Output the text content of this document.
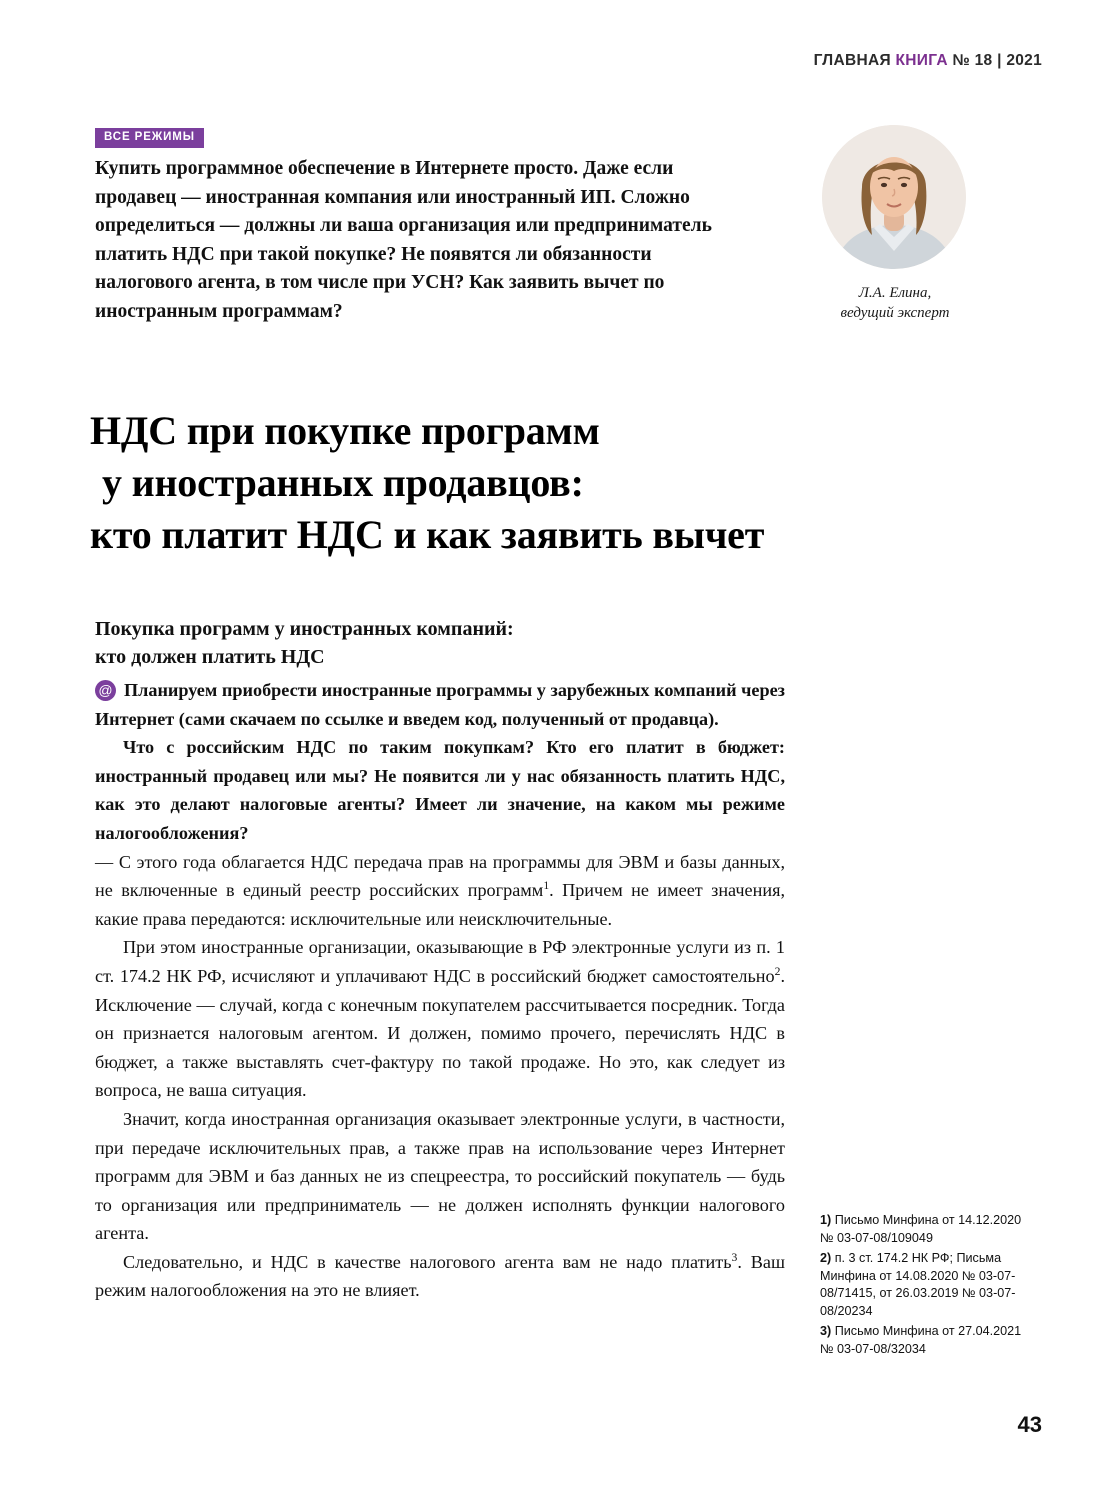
ГЛАВНАЯ КНИГА № 18 | 2021
ВСЕ РЕЖИМЫ
Купить программное обеспечение в Интернете просто. Даже если продавец — иностранная компания или иностранный ИП. Сложно определиться — должны ли ваша организация или предприниматель платить НДС при такой покупке? Не появятся ли обязанности налогового агента, в том числе при УСН? Как заявить вычет по иностранным программам?
Л.А. Елина,
ведущий эксперт
НДС при покупке программ
у иностранных продавцов:
кто платит НДС и как заявить вычет
Покупка программ у иностранных компаний:
кто должен платить НДС

@ Планируем приобрести иностранные программы у зарубежных компаний через Интернет (сами скачаем по ссылке и введем код, полученный от продавца).

Что с российским НДС по таким покупкам? Кто его платит в бюджет: иностранный продавец или мы? Не появится ли у нас обязанность платить НДС, как это делают налоговые агенты? Имеет ли значение, на каком мы режиме налогообложения?

— С этого года облагается НДС передача прав на программы для ЭВМ и базы данных, не включенные в единый реестр российских программ$^1$. Причем не имеет значения, какие права передаются: исключительные или неисключительные.

При этом иностранные организации, оказывающие в РФ электронные услуги из п. 1 ст. 174.2 НК РФ, исчисляют и уплачивают НДС в российский бюджет самостоятельно$^2$. Исключение — случай, когда с конечным покупателем рассчитывается посредник. Тогда он признается налоговым агентом. И должен, помимо прочего, перечислять НДС в бюджет, а также выставлять счет-фактуру по такой продаже. Но это, как следует из вопроса, не ваша ситуация.

Значит, когда иностранная организация оказывает электронные услуги, в частности, при передаче исключительных прав, а также прав на использование через Интернет программ для ЭВМ и баз данных не из спецреестра, то российский покупатель — будь то организация или предприниматель — не должен исполнять функции налогового агента.

Следовательно, и НДС в качестве налогового агента вам не надо платить$^3$. Ваш режим налогообложения на это не влияет.

1) Письмо Минфина от 14.12.2020 № 03-07-08/109049
2) п. 3 ст. 174.2 НК РФ; Письма Минфина от 14.08.2020 № 03-07-08/71415, от 26.03.2019 № 03-07-08/20234
3) Письмо Минфина от 27.04.2021 № 03-07-08/32034
43
